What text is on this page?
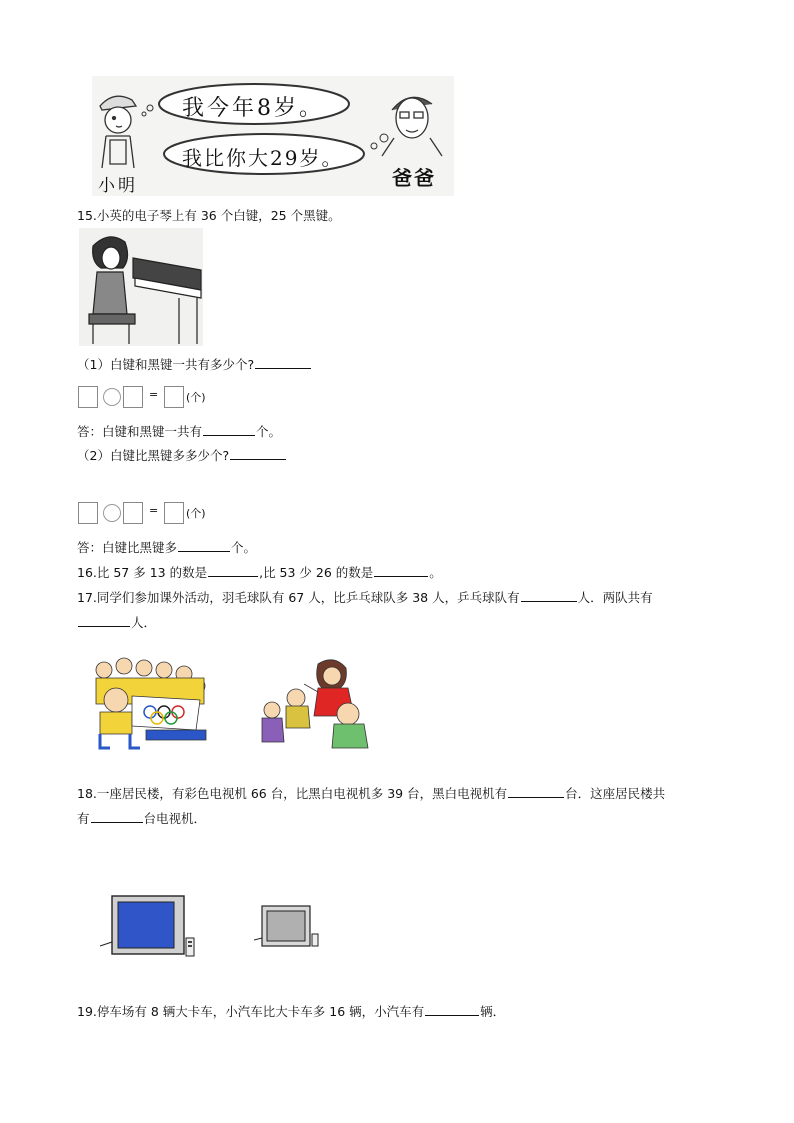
我今年8岁。
我比你大29岁。
小明	爸爸
15.小英的电子琴上有 36 个白键，25 个黑键。
（1）白键和黑键一共有多少个?
=	(个)
答：白键和黑键一共有	个。
（2）白键比黑键多多少个?
=	(个)
答：白键比黑键多	个。
16.比 57 多 13 的数是	,比 53 少 26 的数是	。
17.同学们参加课外活动，羽毛球队有 67 人，比乒乓球队多 38 人，乒乓球队有	人．两队共有
人．
18.一座居民楼，有彩色电视机 66 台，比黑白电视机多 39 台，黑白电视机有	台．这座居民楼共
有	台电视机．
19.停车场有 8 辆大卡车，小汽车比大卡车多 16 辆，小汽车有	辆．
